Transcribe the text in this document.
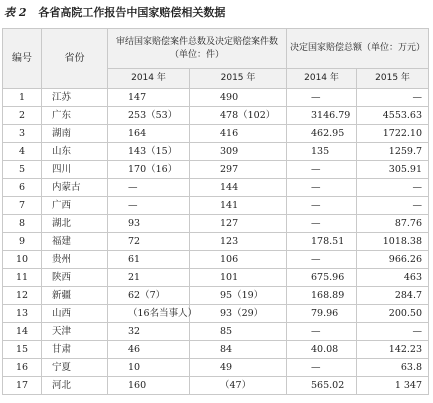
表 2 各省高院工作报告中国家赔偿相关数据
编号	省份	审结国家赔偿案件总数及决定赔偿案件数（单位：件）		决定国家赔偿总额（单位：万元）	
		2014 年	2015 年	2014 年	2015 年
1	江苏	147	490	—	—
2	广东	253（53）	478（102）	3146.79	4553.63
3	湖南	164	416	462.95	1722.10
4	山东	143（15）	309	135	1259.7
5	四川	170（16）	297	—	305.91
6	内蒙古	—	144	—	—
7	广西	—	141	—	—
8	湖北	93	127	—	87.76
9	福建	72	123	178.51	1018.38
10	贵州	61	106	—	966.26
11	陕西	21	101	675.96	463
12	新疆	62（7）	95（19）	168.89	284.7
13	山西	（16名当事人）	93（29）	79.96	200.50
14	天津	32	85	—	—
15	甘肃	46	84	40.08	142.23
16	宁夏	10	49	—	63.8
17	河北	160	（47）	565.02	1 347
